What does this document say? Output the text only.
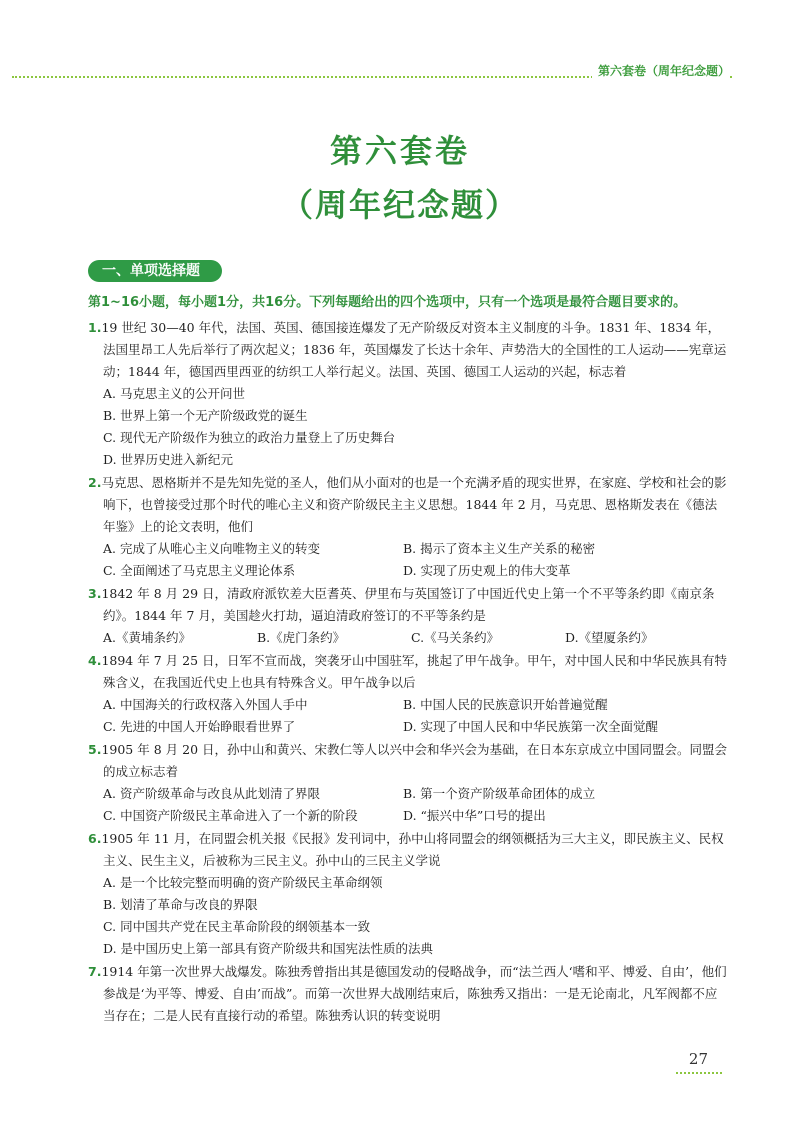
第六套卷（周年纪念题）
第六套卷
（周年纪念题）
一、单项选择题
第1~16小题，每小题1分，共16分。下列每题给出的四个选项中，只有一个选项是最符合题目要求的。
1.19 世纪 30—40 年代，法国、英国、德国接连爆发了无产阶级反对资本主义制度的斗争。1831 年、1834 年，法国里昂工人先后举行了两次起义；1836 年，英国爆发了长达十余年、声势浩大的全国性的工人运动——宪章运动；1844 年，德国西里西亚的纺织工人举行起义。法国、英国、德国工人运动的兴起，标志着
A. 马克思主义的公开问世
B. 世界上第一个无产阶级政党的诞生
C. 现代无产阶级作为独立的政治力量登上了历史舞台
D. 世界历史进入新纪元
2.马克思、恩格斯并不是先知先觉的圣人，他们从小面对的也是一个充满矛盾的现实世界，在家庭、学校和社会的影响下，也曾接受过那个时代的唯心主义和资产阶级民主主义思想。1844 年 2 月，马克思、恩格斯发表在《德法年鉴》上的论文表明，他们
A. 完成了从唯心主义向唯物主义的转变	B. 揭示了资本主义生产关系的秘密
C. 全面阐述了马克思主义理论体系	D. 实现了历史观上的伟大变革
3.1842 年 8 月 29 日，清政府派钦差大臣耆英、伊里布与英国签订了中国近代史上第一个不平等条约即《南京条约》。1844 年 7 月，美国趁火打劫，逼迫清政府签订的不平等条约是
A.《黄埔条约》	B.《虎门条约》	C.《马关条约》	D.《望厦条约》
4.1894 年 7 月 25 日，日军不宣而战，突袭牙山中国驻军，挑起了甲午战争。甲午，对中国人民和中华民族具有特殊含义，在我国近代史上也具有特殊含义。甲午战争以后
A. 中国海关的行政权落入外国人手中	B. 中国人民的民族意识开始普遍觉醒
C. 先进的中国人开始睁眼看世界了	D. 实现了中国人民和中华民族第一次全面觉醒
5.1905 年 8 月 20 日，孙中山和黄兴、宋教仁等人以兴中会和华兴会为基础，在日本东京成立中国同盟会。同盟会的成立标志着
A. 资产阶级革命与改良从此划清了界限	B. 第一个资产阶级革命团体的成立
C. 中国资产阶级民主革命进入了一个新的阶段	D. “振兴中华”口号的提出
6.1905 年 11 月，在同盟会机关报《民报》发刊词中，孙中山将同盟会的纲领概括为三大主义，即民族主义、民权主义、民生主义，后被称为三民主义。孙中山的三民主义学说
A. 是一个比较完整而明确的资产阶级民主革命纲领
B. 划清了革命与改良的界限
C. 同中国共产党在民主革命阶段的纲领基本一致
D. 是中国历史上第一部具有资产阶级共和国宪法性质的法典
7.1914 年第一次世界大战爆发。陈独秀曾指出其是德国发动的侵略战争，而“法兰西人‘嗜和平、博爱、自由’，他们参战是‘为平等、博爱、自由’而战”。而第一次世界大战刚结束后，陈独秀又指出：一是无论南北，凡军阀都不应当存在；二是人民有直接行动的希望。陈独秀认识的转变说明
27
